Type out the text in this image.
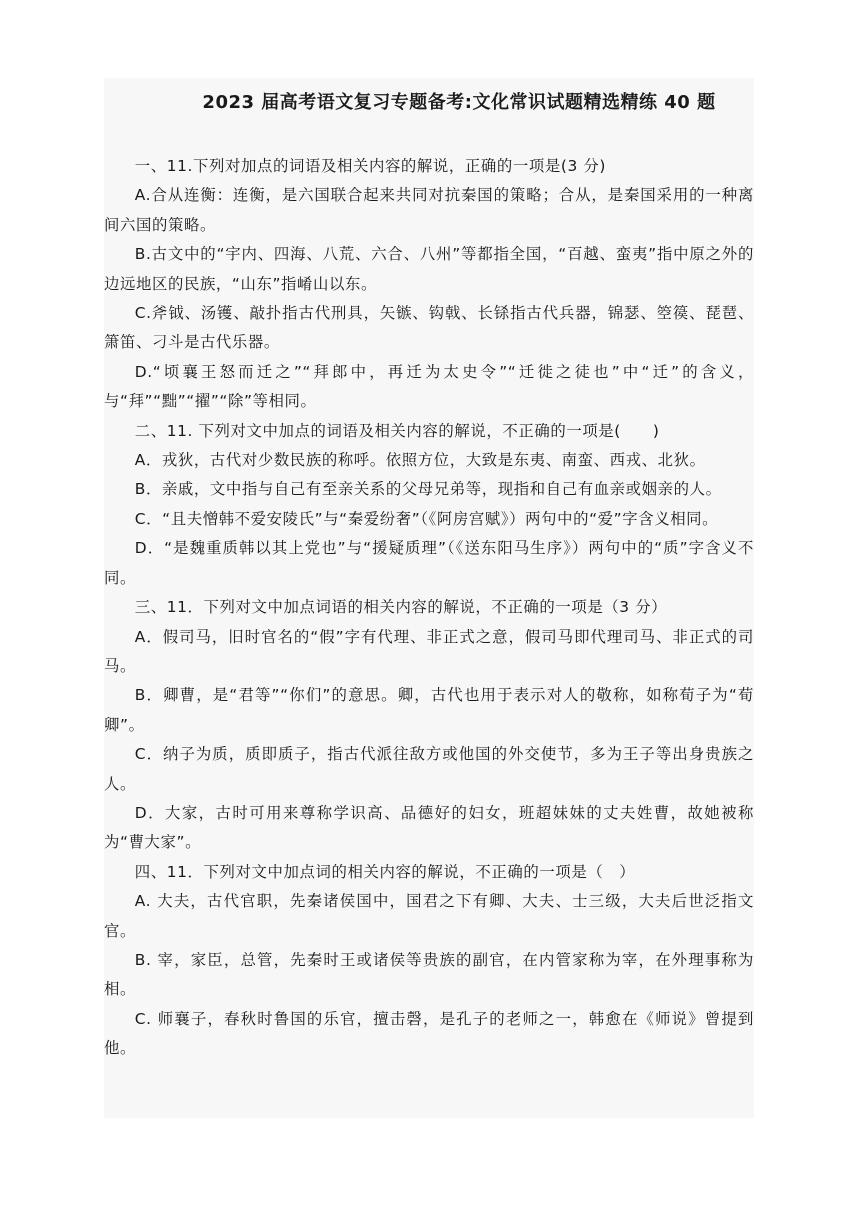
2023 届高考语文复习专题备考:文化常识试题精选精练 40 题

一、11.下列对加点的词语及相关内容的解说，正确的一项是(3 分)

A.合从连衡：连衡，是六国联合起来共同对抗秦国的策略；合从，是秦国采用的一种离间六国的策略。

B.古文中的“宇内、四海、八荒、六合、八州”等都指全国，“百越、蛮夷”指中原之外的边远地区的民族，“山东”指崤山以东。

C.斧钺、汤镬、敲扑指古代刑具，矢镞、钩戟、长铩指古代兵器，锦瑟、箜篌、琵琶、箫笛、刁斗是古代乐器。

D.“顷襄王怒而迁之”“拜郎中，再迁为太史令”“迁徙之徒也”中“迁”的含义，与“拜”“黜”“擢”“除”等相同。

二、11. 下列对文中加点的词语及相关内容的解说，不正确的一项是(　　)

A．戎狄，古代对少数民族的称呼。依照方位，大致是东夷、南蛮、西戎、北狄。

B．亲戚，文中指与自己有至亲关系的父母兄弟等，现指和自己有血亲或姻亲的人。

C．“且夫憎韩不爱安陵氏”与“秦爱纷奢”（《阿房宫赋》）两句中的“爱”字含义相同。

D．“是魏重质韩以其上党也”与“援疑质理”（《送东阳马生序》）两句中的“质”字含义不同。

三、11．下列对文中加点词语的相关内容的解说，不正确的一项是（3 分）

A．假司马，旧时官名的“假”字有代理、非正式之意，假司马即代理司马、非正式的司马。

B．卿曹，是“君等”“你们”的意思。卿，古代也用于表示对人的敬称，如称荀子为“荀卿”。

C．纳子为质，质即质子，指古代派往敌方或他国的外交使节，多为王子等出身贵族之人。

D．大家，古时可用来尊称学识高、品德好的妇女，班超妹妹的丈夫姓曹，故她被称为“曹大家”。

四、11．下列对文中加点词的相关内容的解说，不正确的一项是（　）

A. 大夫，古代官职，先秦诸侯国中，国君之下有卿、大夫、士三级，大夫后世泛指文官。

B. 宰，家臣，总管，先秦时王或诸侯等贵族的副官，在内管家称为宰，在外理事称为相。

C. 师襄子，春秋时鲁国的乐官，擅击磬，是孔子的老师之一，韩愈在《师说》曾提到他。
